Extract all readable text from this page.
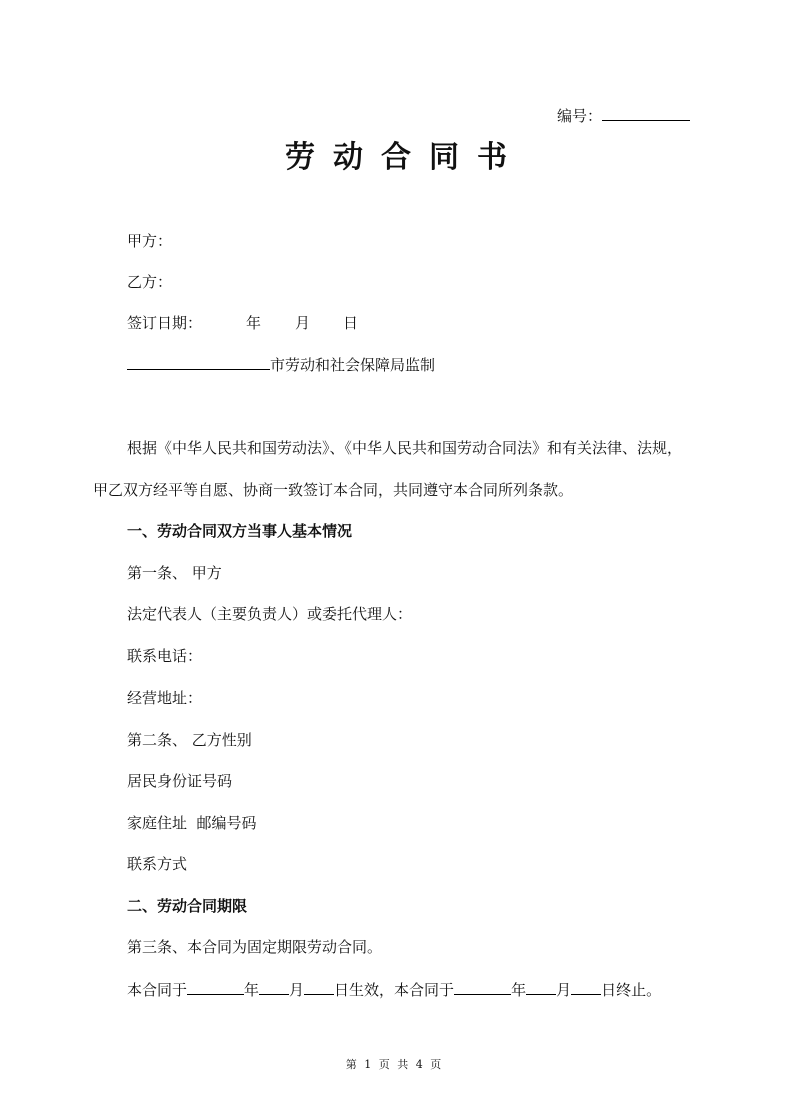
编号：
劳动合同书
甲方：
乙方：
签订日期：	年 月 日
市劳动和社会保障局监制
根据《中华人民共和国劳动法》、《中华人民共和国劳动合同法》和有关法律、法规，
甲乙双方经平等自愿、协商一致签订本合同，共同遵守本合同所列条款。
一、劳动合同双方当事人基本情况
第一条、 甲方
法定代表人（主要负责人）或委托代理人：
联系电话：
经营地址：
第二条、 乙方性别
居民身份证号码
家庭住址  邮编号码
联系方式
二、劳动合同期限
第三条、本合同为固定期限劳动合同。
本合同于	年 月 日生效，本合同于	年 月 日终止。
第 1 页 共 4 页
